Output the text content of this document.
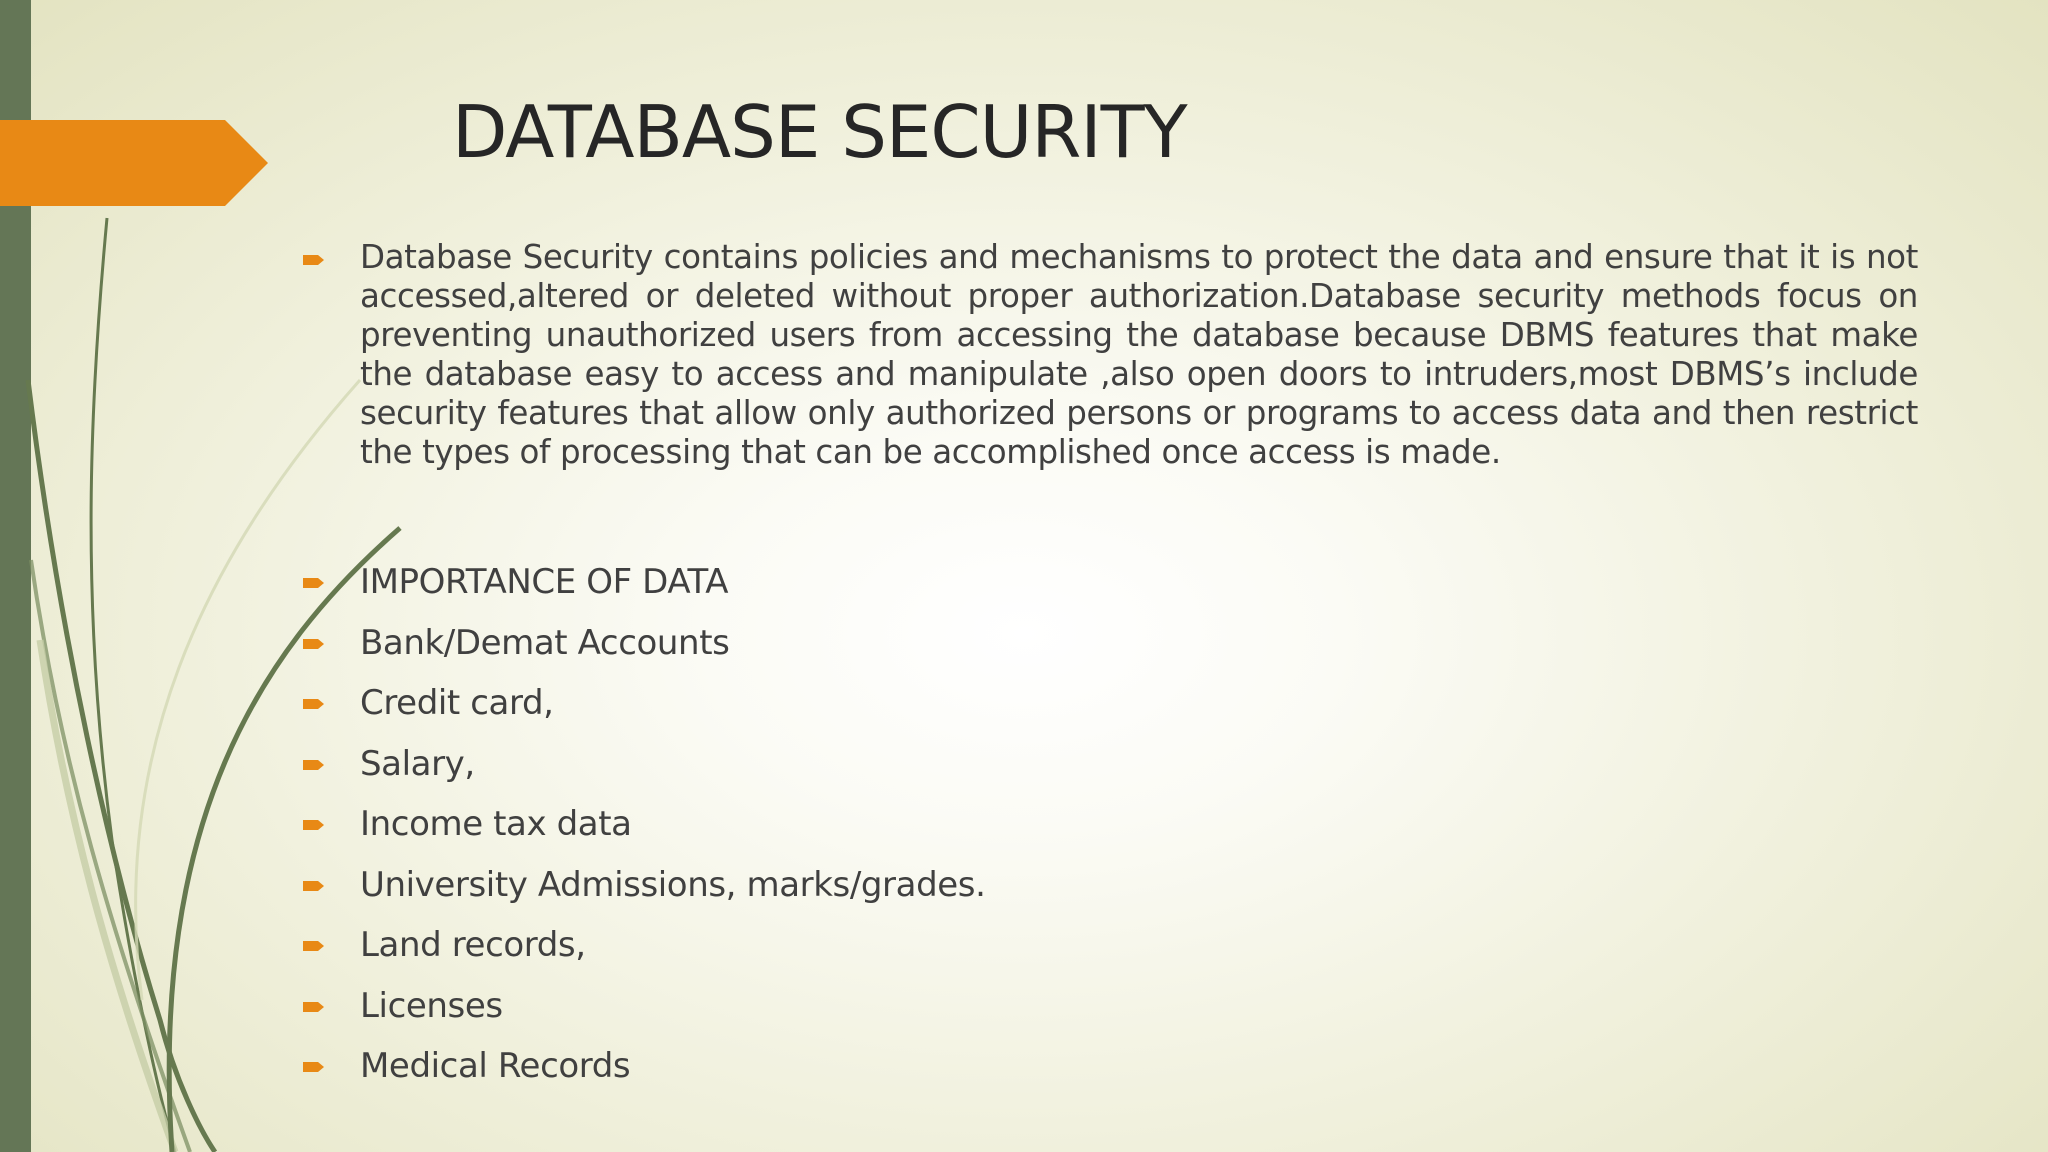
DATABASE SECURITY
Database Security contains policies and mechanisms to protect the data and ensure that it is not accessed,altered or deleted without proper authorization.Database security methods focus on preventing unauthorized users from accessing the database because DBMS features that make the database easy to access and manipulate ,also open doors to intruders,most DBMS’s include security features that allow only authorized persons or programs to access data and then restrict the types of processing that can be accomplished once access is made.
IMPORTANCE OF DATA
Bank/Demat Accounts
Credit card,
Salary,
Income tax data
University Admissions, marks/grades.
Land records,
Licenses
Medical Records
